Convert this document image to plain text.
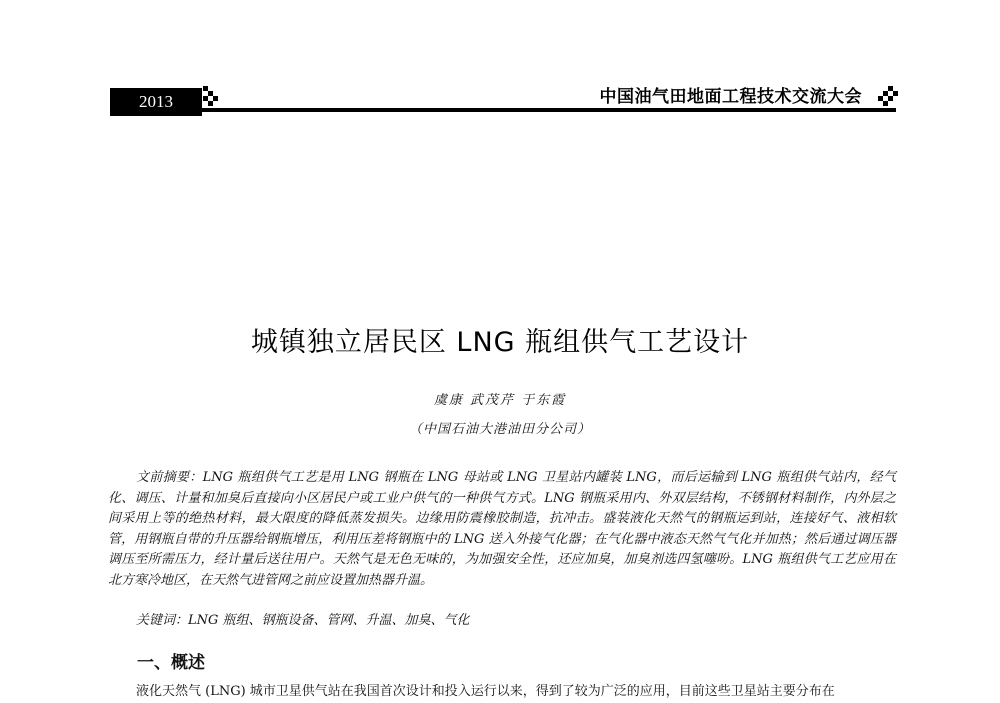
2013	中国油气田地面工程技术交流大会
城镇独立居民区 LNG 瓶组供气工艺设计
虞康 武茂芹 于东霞
（中国石油大港油田分公司）
文前摘要：LNG 瓶组供气工艺是用 LNG 钢瓶在 LNG 母站或 LNG 卫星站内罐装 LNG，而后运输到 LNG 瓶组供气站内，经气化、调压、计量和加臭后直接向小区居民户或工业户供气的一种供气方式。LNG 钢瓶采用内、外双层结构，不锈钢材料制作，内外层之间采用上等的绝热材料，最大限度的降低蒸发损失。边缘用防震橡胶制造，抗冲击。盛装液化天然气的钢瓶运到站，连接好气、液相软管，用钢瓶自带的升压器给钢瓶增压，利用压差将钢瓶中的 LNG 送入外接气化器；在气化器中液态天然气气化并加热；然后通过调压器调压至所需压力，经计量后送往用户。天然气是无色无味的，为加强安全性，还应加臭，加臭剂选四氢噻吩。LNG 瓶组供气工艺应用在北方寒冷地区，在天然气进管网之前应设置加热器升温。
关键词：LNG 瓶组、钢瓶设备、管网、升温、加臭、气化
一、概述
液化天然气 (LNG) 城市卫星供气站在我国首次设计和投入运行以来，得到了较为广泛的应用，目前这些卫星站主要分布在
